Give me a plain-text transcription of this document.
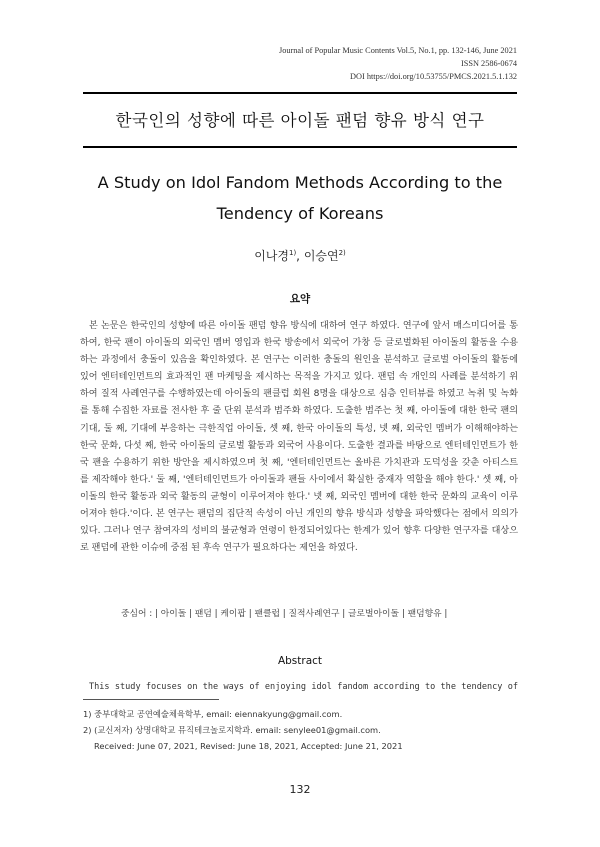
Journal of Popular Music Contents Vol.5, No.1, pp. 132-146, June 2021
ISSN 2586-0674
DOI https://doi.org/10.53755/PMCS.2021.5.1.132
한국인의 성향에 따른 아이돌 팬덤 향유 방식 연구
A Study on Idol Fandom Methods According to the Tendency of Koreans
이나경$^{1)}$, 이승연$^{2)}$
요약

본 논문은 한국인의 성향에 따른 아이돌 팬덤 향유 방식에 대하여 연구 하였다. 연구에 앞서 매스미디어를 통하여, 한국 팬이 아이돌의 외국인 멤버 영입과 한국 방송에서 외국어 가창 등 글로벌화된 아이돌의 활동을 수용하는 과정에서 충돌이 있음을 확인하였다. 본 연구는 이러한 충돌의 원인을 분석하고 글로벌 아이돌의 활동에 있어 엔터테인먼트의 효과적인 팬 마케팅을 제시하는 목적을 가지고 있다. 팬덤 속 개인의 사례를 분석하기 위하여 질적 사례연구를 수행하였는데 아이돌의 팬클럽 회원 8명을 대상으로 심층 인터뷰를 하였고 녹취 및 녹화를 통해 수집한 자료를 전사한 후 줄 단위 분석과 범주화 하였다. 도출한 범주는 첫 째, 아이돌에 대한 한국 팬의 기대, 둘 째, 기대에 부응하는 극한직업 아이돌, 셋 째, 한국 아이돌의 특성, 넷 째, 외국인 멤버가 이해해야하는 한국 문화, 다섯 째, 한국 아이돌의 글로벌 활동과 외국어 사용이다. 도출한 결과를 바탕으로 엔터테인먼트가 한국 팬을 수용하기 위한 방안을 제시하였으며 첫 째, '엔터테인먼트는 올바른 가치관과 도덕성을 갖춘 아티스트를 제작해야 한다.' 둘 째, '엔터테인먼트가 아이돌과 팬들 사이에서 확실한 중재자 역할을 해야 한다.' 셋 째, 아이돌의 한국 활동과 외국 활동의 균형이 이루어져야 한다.' 넷 째, 외국인 멤버에 대한 한국 문화의 교육이 이루어져야 한다.'이다. 본 연구는 팬덤의 집단적 속성이 아닌 개인의 향유 방식과 성향을 파악했다는 점에서 의의가 있다. 그러나 연구 참여자의 성비의 불균형과 연령이 한정되어있다는 한계가 있어 향후 다양한 연구자를 대상으로 팬덤에 관한 이슈에 중점 된 후속 연구가 필요하다는 제언을 하였다.

중심어 : | 아이돌 | 팬덤 | 케이팝 | 팬클럽 | 질적사례연구 | 글로벌아이돌 | 팬덤향유 |
Abstract
This study focuses on the ways of enjoying idol fandom according to the tendency of
1) 중부대학교 공연예술체육학부, email: eiennakyung@gmail.com.
2) (교신저자) 상명대학교 뮤직테크놀로지학과. email: senylee01@gmail.com.
Received: June 07, 2021, Revised: June 18, 2021, Accepted: June 21, 2021
132
